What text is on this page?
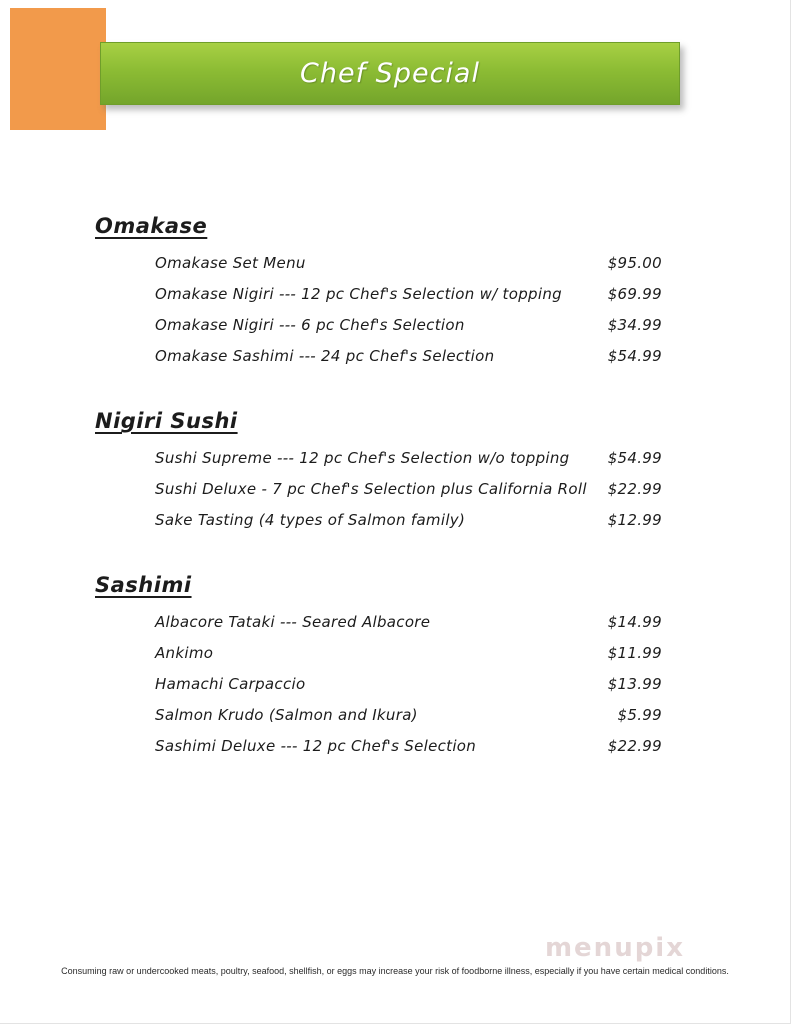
Chef Special
Omakase
Omakase Set Menu	$95.00
Omakase Nigiri --- 12 pc Chef's Selection w/ topping	$69.99
Omakase Nigiri --- 6 pc Chef's Selection	$34.99
Omakase Sashimi --- 24 pc Chef's Selection	$54.99
Nigiri Sushi
Sushi Supreme --- 12 pc Chef's Selection w/o topping	$54.99
Sushi Deluxe - 7 pc Chef's Selection plus California Roll $22.99
Sake Tasting (4 types of Salmon family)	$12.99
Sashimi
Albacore Tataki --- Seared Albacore	$14.99
Ankimo	$11.99
Hamachi Carpaccio	$13.99
Salmon Krudo (Salmon and Ikura)	$5.99
Sashimi Deluxe --- 12 pc Chef's Selection	$22.99
menupix
Consuming raw or undercooked meats, poultry, seafood, shellfish, or eggs may increase your risk of foodborne illness, especially if you have certain medical conditions.
